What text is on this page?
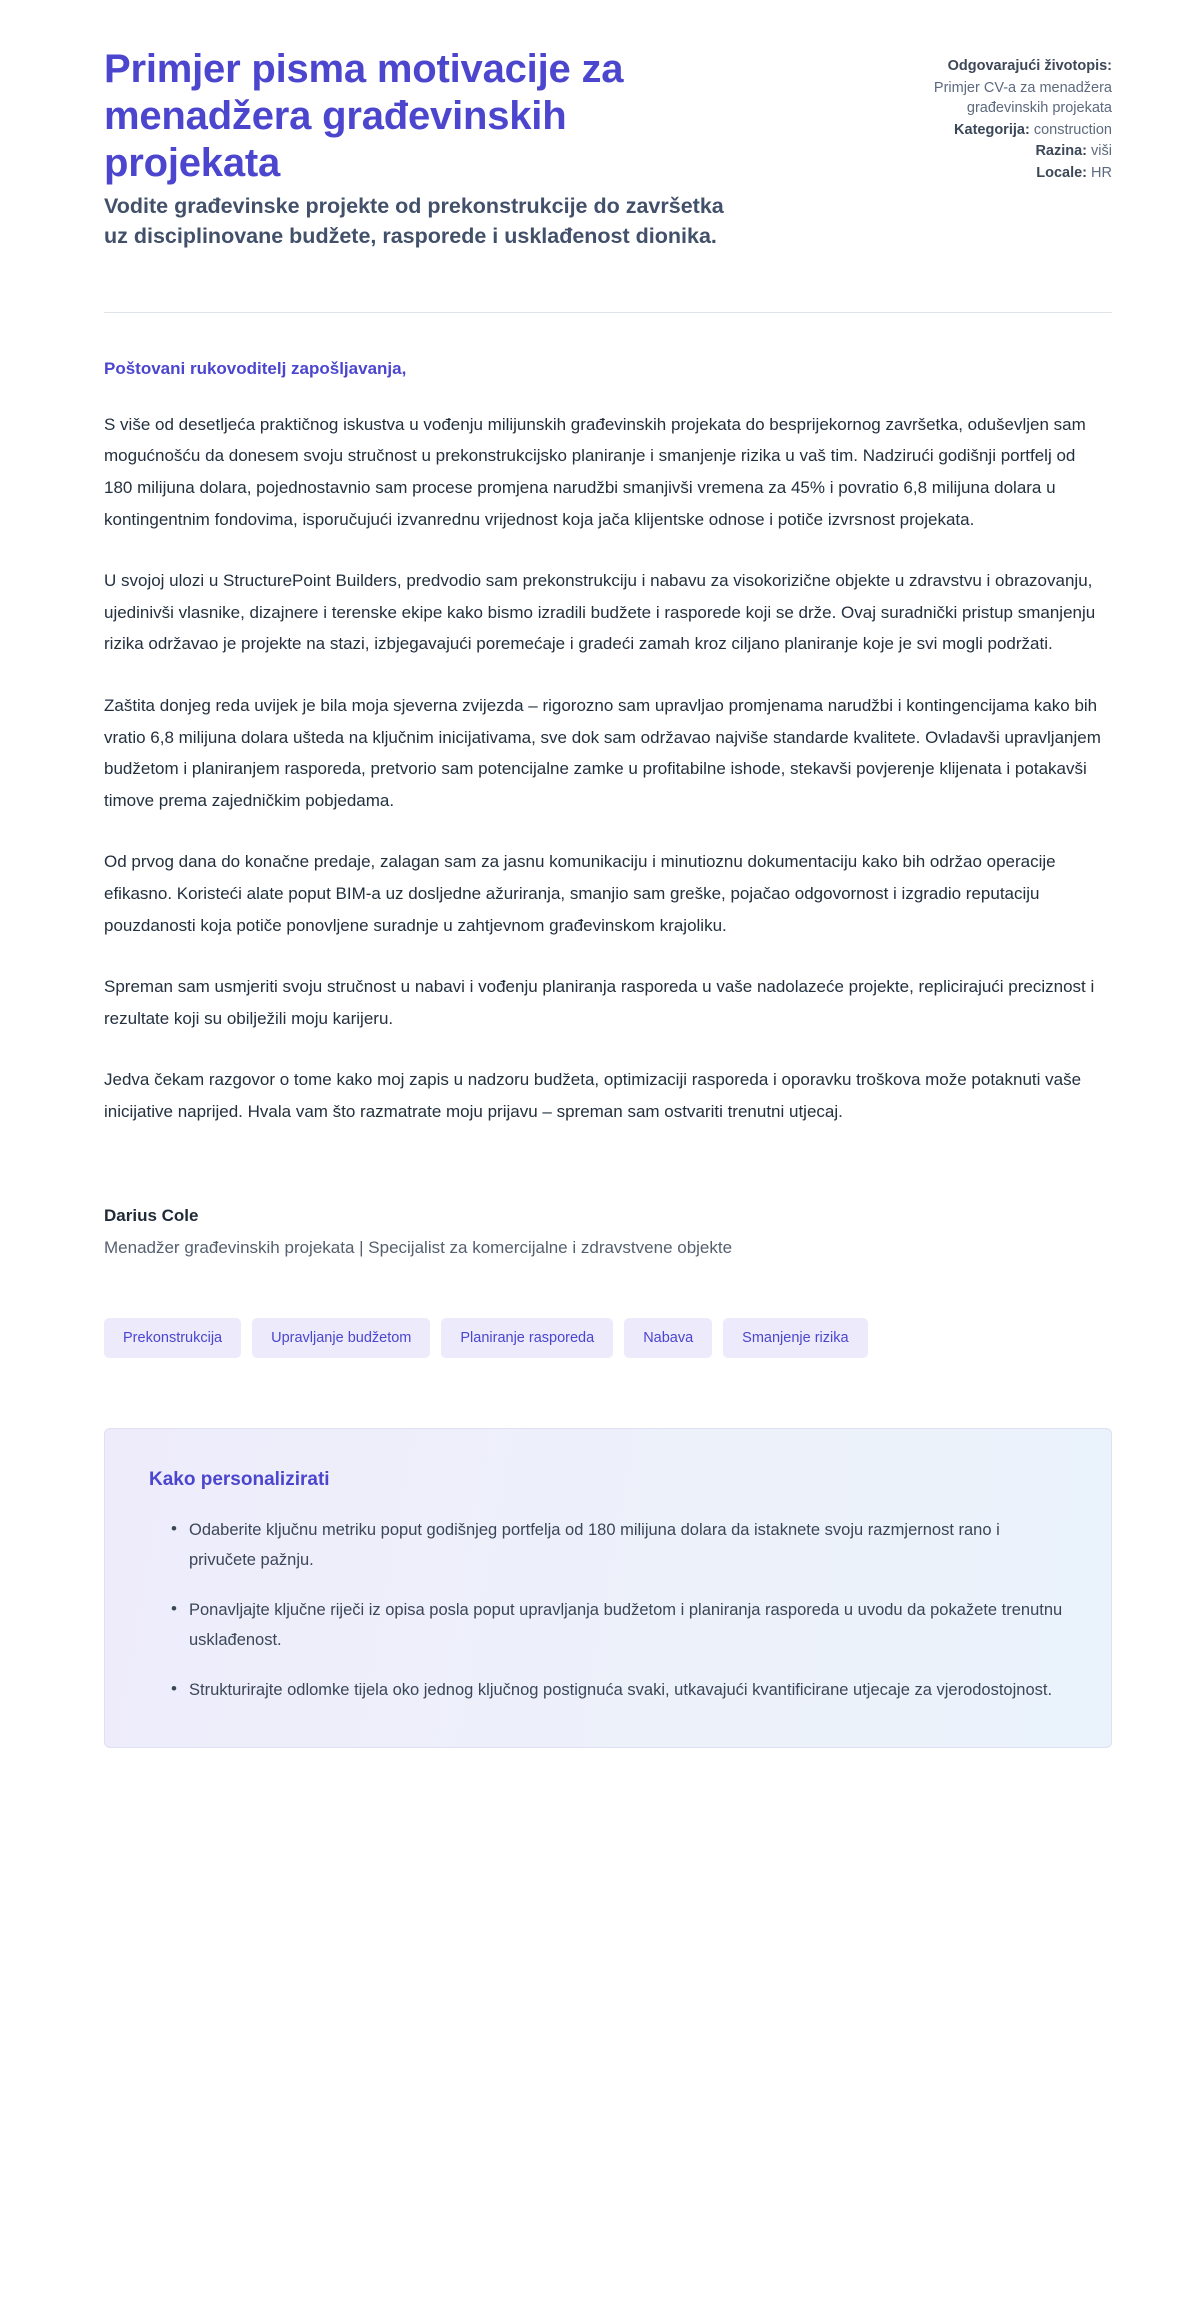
Primjer pisma motivacije za menadžera građevinskih projekata

Vodite građevinske projekte od prekonstrukcije do završetka uz disciplinovane budžete, rasporede i usklađenost dionika.

Odgovarajući životopis:

Primjer CV-a za menadžera građevinskih projekata

Kategorija: construction

Razina: viši

Locale: HR

Poštovani rukovoditelj zapošljavanja,

S više od desetljeća praktičnog iskustva u vođenju milijunskih građevinskih projekata do besprijekornog završetka, oduševljen sam mogućnošću da donesem svoju stručnost u prekonstrukcijsko planiranje i smanjenje rizika u vaš tim. Nadzirući godišnji portfelj od 180 milijuna dolara, pojednostavnio sam procese promjena narudžbi smanjivši vremena za 45% i povratio 6,8 milijuna dolara u kontingentnim fondovima, isporučujući izvanrednu vrijednost koja jača klijentske odnose i potiče izvrsnost projekata.

U svojoj ulozi u StructurePoint Builders, predvodio sam prekonstrukciju i nabavu za visokorizične objekte u zdravstvu i obrazovanju, ujedinivši vlasnike, dizajnere i terenske ekipe kako bismo izradili budžete i rasporede koji se drže. Ovaj suradnički pristup smanjenju rizika održavao je projekte na stazi, izbjegavajući poremećaje i gradeći zamah kroz ciljano planiranje koje je svi mogli podržati.

Zaštita donjeg reda uvijek je bila moja sjeverna zvijezda – rigorozno sam upravljao promjenama narudžbi i kontingencijama kako bih vratio 6,8 milijuna dolara ušteda na ključnim inicijativama, sve dok sam održavao najviše standarde kvalitete. Ovladavši upravljanjem budžetom i planiranjem rasporeda, pretvorio sam potencijalne zamke u profitabilne ishode, stekavši povjerenje klijenata i potakavši timove prema zajedničkim pobjedama.

Od prvog dana do konačne predaje, zalagan sam za jasnu komunikaciju i minutioznu dokumentaciju kako bih održao operacije efikasno. Koristeći alate poput BIM-a uz dosljedne ažuriranja, smanjio sam greške, pojačao odgovornost i izgradio reputaciju pouzdanosti koja potiče ponovljene suradnje u zahtjevnom građevinskom krajoliku.

Spreman sam usmjeriti svoju stručnost u nabavi i vođenju planiranja rasporeda u vaše nadolazeće projekte, replicirajući preciznost i rezultate koji su obilježili moju karijeru.

Jedva čekam razgovor o tome kako moj zapis u nadzoru budžeta, optimizaciji rasporeda i oporavku troškova može potaknuti vaše inicijative naprijed. Hvala vam što razmatrate moju prijavu – spreman sam ostvariti trenutni utjecaj.

Darius Cole

Menadžer građevinskih projekata | Specijalist za komercijalne i zdravstvene objekte

Prekonstrukcija	Upravljanje budžetom	Planiranje rasporeda	Nabava	Smanjenje rizika
Kako personalizirati
• Odaberite ključnu metriku poput godišnjeg portfelja od 180 milijuna dolara da istaknete svoju razmjernost rano i privučete pažnju.
• Ponavljajte ključne riječi iz opisa posla poput upravljanja budžetom i planiranja rasporeda u uvodu da pokažete trenutnu usklađenost.
• Strukturirajte odlomke tijela oko jednog ključnog postignuća svaki, utkavajući kvantificirane utjecaje za vjerodostojnost.
